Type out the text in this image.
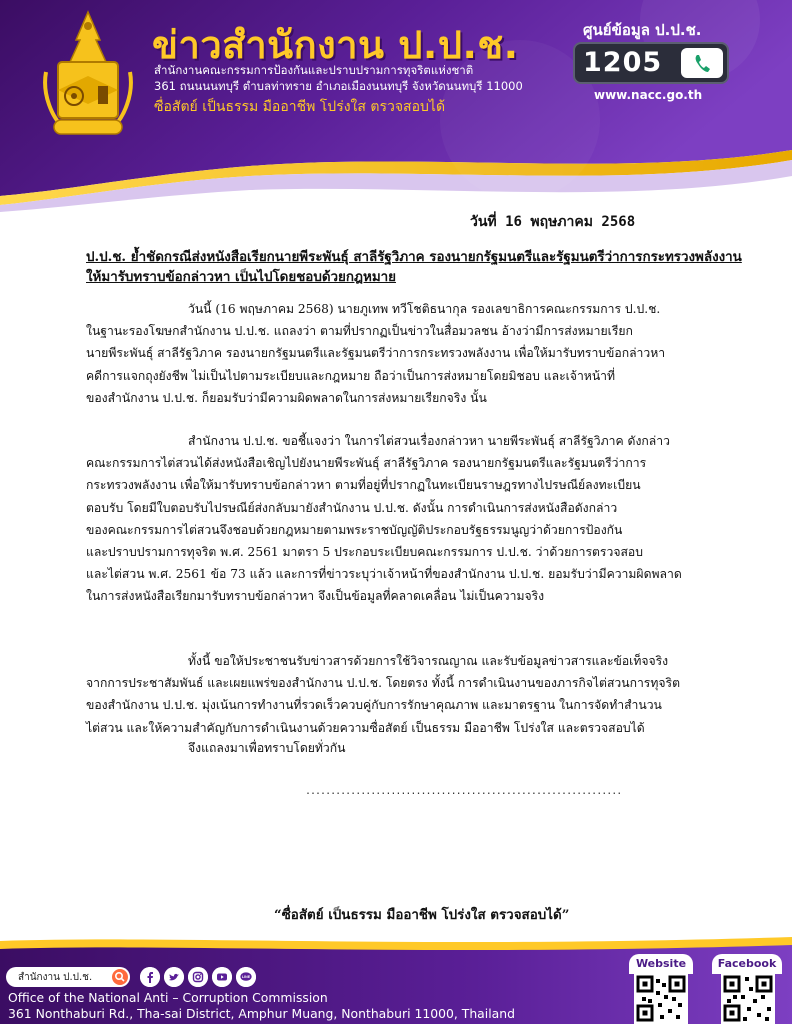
ข่าวสำนักงาน ป.ป.ช.
สำนักงานคณะกรรมการป้องกันและปราบปรามการทุจริตแห่งชาติ
361 ถนนนนทบุรี ตำบลท่าทราย อำเภอเมืองนนทบุรี จังหวัดนนทบุรี 11000
ซื่อสัตย์ เป็นธรรม มืออาชีพ โปร่งใส ตรวจสอบได้
ศูนย์ข้อมูล ป.ป.ช.
1205
www.nacc.go.th
วันที่ 16 พฤษภาคม 2568
ป.ป.ช. ย้ำชัดกรณีส่งหนังสือเรียกนายพีระพันธุ์ สาลีรัฐวิภาค รองนายกรัฐมนตรีและรัฐมนตรีว่าการกระทรวงพลังงาน
ให้มารับทราบข้อกล่าวหา เป็นไปโดยชอบด้วยกฎหมาย
วันนี้ (16 พฤษภาคม 2568) นายภูเทพ ทวีโชติธนากุล รองเลขาธิการคณะกรรมการ ป.ป.ช.
ในฐานะรองโฆษกสำนักงาน ป.ป.ช. แถลงว่า ตามที่ปรากฏเป็นข่าวในสื่อมวลชน อ้างว่ามีการส่งหมายเรียก
นายพีระพันธุ์ สาลีรัฐวิภาค รองนายกรัฐมนตรีและรัฐมนตรีว่าการกระทรวงพลังงาน เพื่อให้มารับทราบข้อกล่าวหา
คดีการแจกถุงยังชีพ ไม่เป็นไปตามระเบียบและกฎหมาย ถือว่าเป็นการส่งหมายโดยมิชอบ และเจ้าหน้าที่
ของสำนักงาน ป.ป.ช. ก็ยอมรับว่ามีความผิดพลาดในการส่งหมายเรียกจริง นั้น
สำนักงาน ป.ป.ช. ขอชี้แจงว่า ในการไต่สวนเรื่องกล่าวหา นายพีระพันธุ์ สาลีรัฐวิภาค ดังกล่าว
คณะกรรมการไต่สวนได้ส่งหนังสือเชิญไปยังนายพีระพันธุ์ สาลีรัฐวิภาค รองนายกรัฐมนตรีและรัฐมนตรีว่าการ
กระทรวงพลังงาน เพื่อให้มารับทราบข้อกล่าวหา ตามที่อยู่ที่ปรากฏในทะเบียนราษฎรทางไปรษณีย์ลงทะเบียน
ตอบรับ โดยมีใบตอบรับไปรษณีย์ส่งกลับมายังสำนักงาน ป.ป.ช. ดังนั้น การดำเนินการส่งหนังสือดังกล่าว
ของคณะกรรมการไต่สวนจึงชอบด้วยกฎหมายตามพระราชบัญญัติประกอบรัฐธรรมนูญว่าด้วยการป้องกัน
และปราบปรามการทุจริต พ.ศ. 2561 มาตรา 5 ประกอบระเบียบคณะกรรมการ ป.ป.ช. ว่าด้วยการตรวจสอบ
และไต่สวน พ.ศ. 2561 ข้อ 73 แล้ว และการที่ข่าวระบุว่าเจ้าหน้าที่ของสำนักงาน ป.ป.ช. ยอมรับว่ามีความผิดพลาด
ในการส่งหนังสือเรียกมารับทราบข้อกล่าวหา จึงเป็นข้อมูลที่คลาดเคลื่อน ไม่เป็นความจริง
ทั้งนี้ ขอให้ประชาชนรับข่าวสารด้วยการใช้วิจารณญาณ และรับข้อมูลข่าวสารและข้อเท็จจริง
จากการประชาสัมพันธ์ และเผยแพร่ของสำนักงาน ป.ป.ช. โดยตรง ทั้งนี้ การดำเนินงานของภารกิจไต่สวนการทุจริต
ของสำนักงาน ป.ป.ช. มุ่งเน้นการทำงานที่รวดเร็วควบคู่กับการรักษาคุณภาพ และมาตรฐาน ในการจัดทำสำนวน
ไต่สวน และให้ความสำคัญกับการดำเนินงานด้วยความซื่อสัตย์ เป็นธรรม มืออาชีพ โปร่งใส และตรวจสอบได้
จึงแถลงมาเพื่อทราบโดยทั่วกัน
...............................................................
“ซื่อสัตย์ เป็นธรรม มืออาชีพ โปร่งใส ตรวจสอบได้”
สำนักงาน ป.ป.ช.	LINE
Office of the National Anti – Corruption Commission
361 Nonthaburi Rd., Tha-sai District, Amphur Muang, Nonthaburi 11000, Thailand
Website	Facebook
